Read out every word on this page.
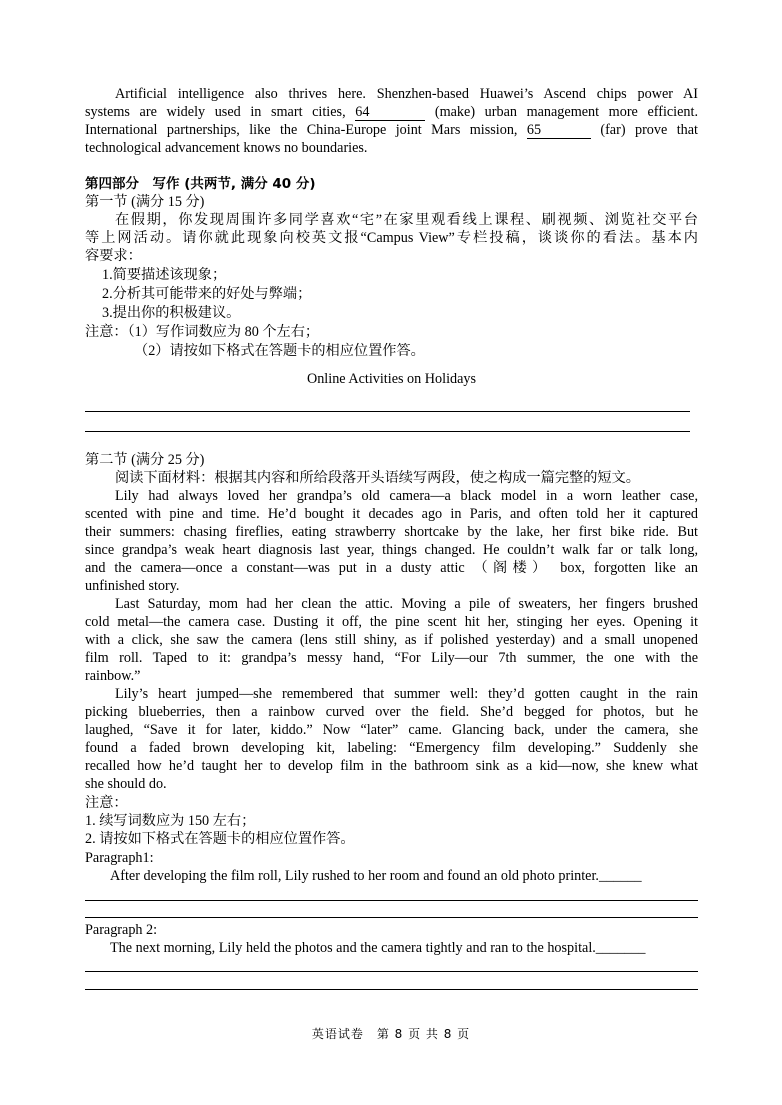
Artificial intelligence also thrives here. Shenzhen-based Huawei’s Ascend chips power AI
systems are widely used in smart cities, 64	(make) urban management more efficient.
International partnerships, like the China-Europe joint Mars mission, 65	(far) prove that
technological advancement knows no boundaries.
第四部分　写作 (共两节, 满分 40 分)
第一节 (满分 15 分)
在假期，你发现周围许多同学喜欢“宅”在家里观看线上课程、刷视频、浏览社交平台
等上网活动。请你就此现象向校英文报“Campus View”专栏投稿，谈谈你的看法。基本内
容要求：
1.简要描述该现象；
2.分析其可能带来的好处与弊端；
3.提出你的积极建议。
注意：（1）写作词数应为 80 个左右；
（2）请按如下格式在答题卡的相应位置作答。
Online Activities on Holidays
第二节 (满分 25 分)
阅读下面材料：根据其内容和所给段落开头语续写两段，使之构成一篇完整的短文。
Lily had always loved her grandpa’s old camera—a black model in a worn leather case,
scented with pine and time. He’d bought it decades ago in Paris, and often told her it captured
their summers: chasing fireflies, eating strawberry shortcake by the lake, her first bike ride. But
since grandpa’s weak heart diagnosis last year, things changed. He couldn’t walk far or talk long,
and the camera—once a constant—was put in a dusty attic （阁楼） box, forgotten like an
unfinished story.
Last Saturday, mom had her clean the attic. Moving a pile of sweaters, her fingers brushed
cold metal—the camera case. Dusting it off, the pine scent hit her, stinging her eyes. Opening it
with a click, she saw the camera (lens still shiny, as if polished yesterday) and a small unopened
film roll. Taped to it: grandpa’s messy hand, “For Lily—our 7th summer, the one with the
rainbow.”
Lily’s heart jumped—she remembered that summer well: they’d gotten caught in the rain
picking blueberries, then a rainbow curved over the field. She’d begged for photos, but he
laughed, “Save it for later, kiddo.” Now “later” came. Glancing back, under the camera, she
found a faded brown developing kit, labeling: “Emergency film developing.” Suddenly she
recalled how he’d taught her to develop film in the bathroom sink as a kid—now, she knew what
she should do.
注意：
1. 续写词数应为 150 左右；
2. 请按如下格式在答题卡的相应位置作答。
Paragraph1:
After developing the film roll, Lily rushed to her room and found an old photo printer.______
Paragraph 2:
The next morning, Lily held the photos and the camera tightly and ran to the hospital._______
英语试卷　第 8 页 共 8 页
